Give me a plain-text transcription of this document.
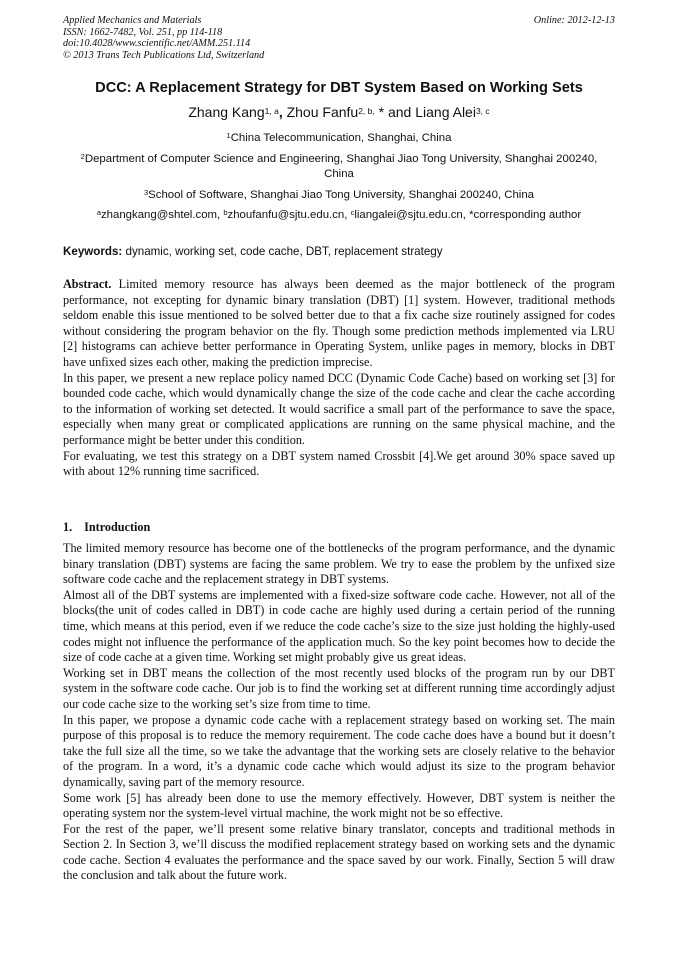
Applied Mechanics and Materials
ISSN: 1662-7482, Vol. 251, pp 114-118
doi:10.4028/www.scientific.net/AMM.251.114
© 2013 Trans Tech Publications Ltd, Switzerland
Online: 2012-12-13
DCC: A Replacement Strategy for DBT System Based on Working Sets
Zhang Kang$^{1, a}$, Zhou Fanfu$^{2, b,}$ * and Liang Alei$^{3, c}$
$^1$China Telecommunication, Shanghai, China
$^2$Department of Computer Science and Engineering, Shanghai Jiao Tong University, Shanghai 200240, China
$^3$School of Software, Shanghai Jiao Tong University, Shanghai 200240, China
$^a$zhangkang@shtel.com, $^b$zhoufanfu@sjtu.edu.cn, $^c$liangalei@sjtu.edu.cn, *corresponding author
Keywords: dynamic, working set, code cache, DBT, replacement strategy

Abstract. Limited memory resource has always been deemed as the major bottleneck of the program performance, not excepting for dynamic binary translation (DBT) [1] system. However, traditional methods seldom enable this issue mentioned to be solved better due to that a fix cache size routinely assigned for codes without considering the program behavior on the fly. Though some prediction methods implemented via LRU [2] histograms can achieve better performance in Operating System, unlike pages in memory, blocks in DBT have unfixed sizes each other, making the prediction imprecise.

In this paper, we present a new replace policy named DCC (Dynamic Code Cache) based on working set [3] for bounded code cache, which would dynamically change the size of the code cache and clear the cache according to the information of working set detected. It would sacrifice a small part of the performance to save the space, especially when many great or complicated applications are running on the same physical machine, and the performance might be better under this condition.

For evaluating, we test this strategy on a DBT system named Crossbit [4].We get around 30% space saved up with about 12% running time sacrificed.

1. Introduction

The limited memory resource has become one of the bottlenecks of the program performance, and the dynamic binary translation (DBT) systems are facing the same problem. We try to ease the problem by the unfixed size software code cache and the replacement strategy in DBT systems.

Almost all of the DBT systems are implemented with a fixed-size software code cache. However, not all of the blocks(the unit of codes called in DBT) in code cache are highly used during a certain period of the running time, which means at this period, even if we reduce the code cache’s size to the size just holding the highly-used codes might not influence the performance of the application much. So the key point becomes how to decide the size of code cache at a given time. Working set might probably give us great ideas.

Working set in DBT means the collection of the most recently used blocks of the program run by our DBT system in the software code cache. Our job is to find the working set at different running time accordingly adjust our code cache size to the working set’s size from time to time.

In this paper, we propose a dynamic code cache with a replacement strategy based on working set. The main purpose of this proposal is to reduce the memory requirement. The code cache does have a bound but it doesn’t take the full size all the time, so we take the advantage that the working sets are closely relative to the behavior of the program. In a word, it’s a dynamic code cache which would adjust its size to the program behavior dynamically, saving part of the memory resource.

Some work [5] has already been done to use the memory effectively. However, DBT system is neither the operating system nor the system-level virtual machine, the work might not be so effective.

For the rest of the paper, we’ll present some relative binary translator, concepts and traditional methods in Section 2. In Section 3, we’ll discuss the modified replacement strategy based on working sets and the dynamic code cache. Section 4 evaluates the performance and the space saved by our work. Finally, Section 5 will draw the conclusion and talk about the future work.
